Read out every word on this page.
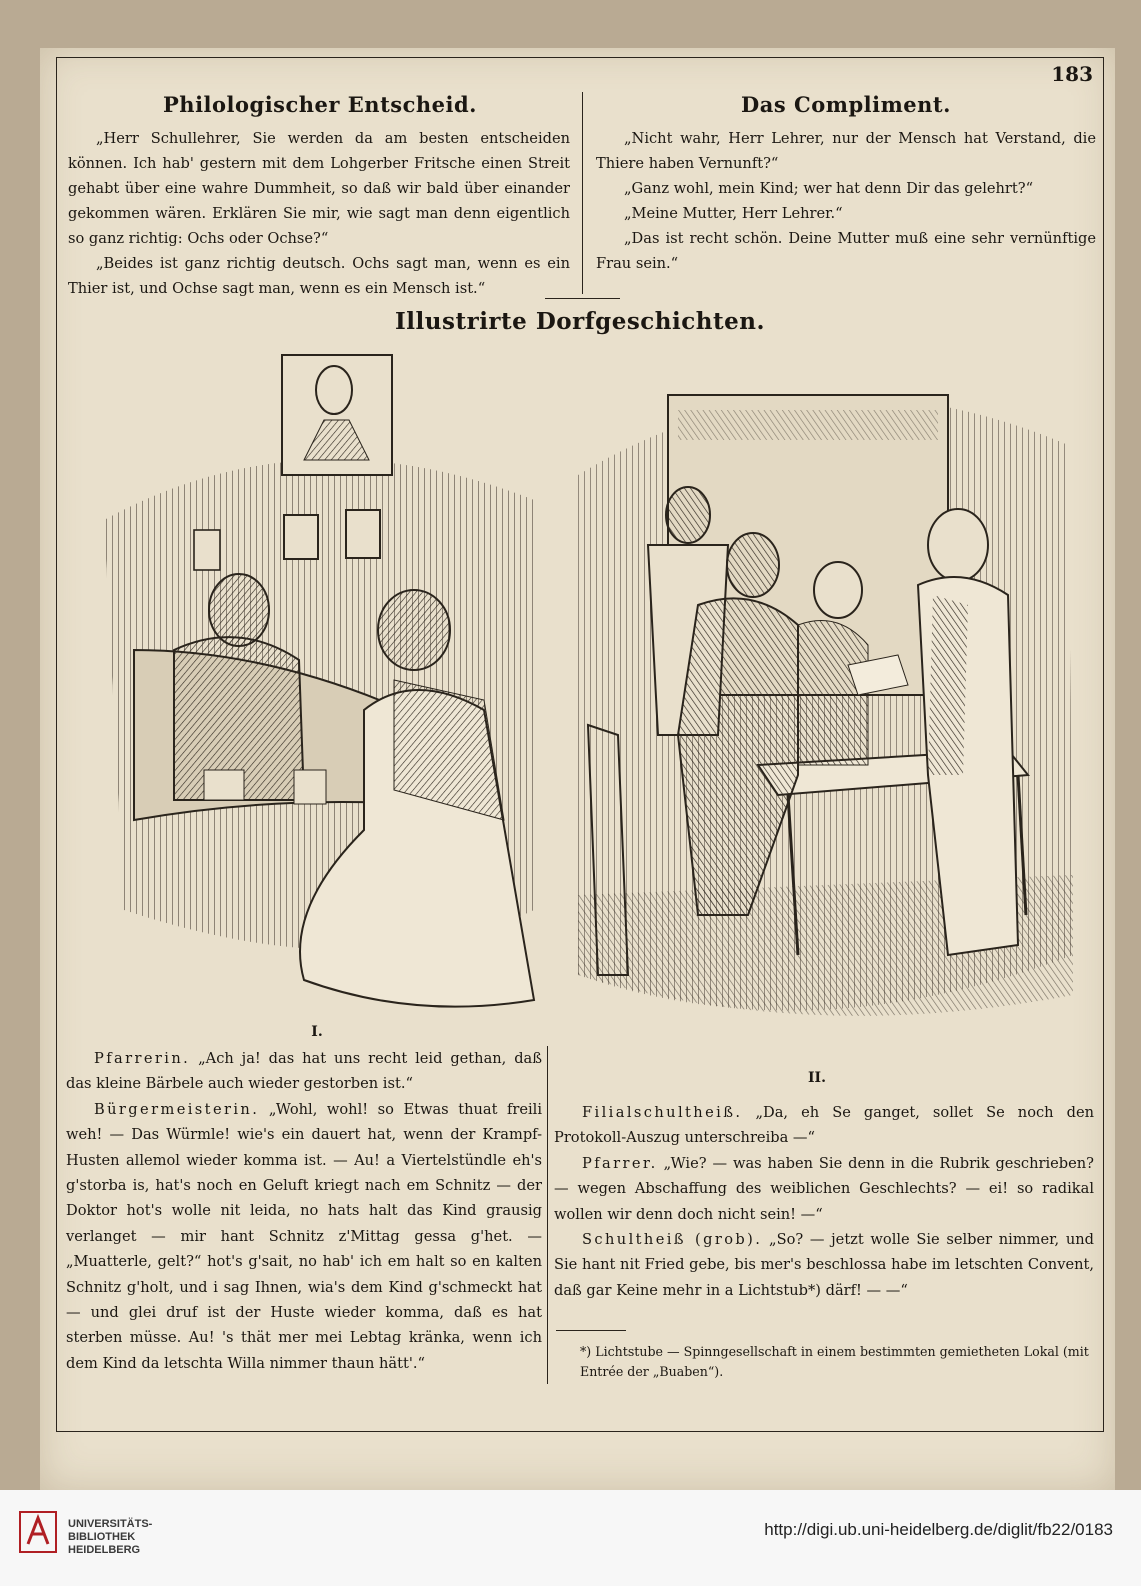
183
Philologischer Entscheid.

„Herr Schullehrer, Sie werden da am besten entscheiden können. Ich hab' gestern mit dem Lohgerber Fritsche einen Streit gehabt über eine wahre Dummheit, so daß wir bald über einander gekommen wären. Erklären Sie mir, wie sagt man denn eigentlich so ganz richtig: Ochs oder Ochse?“

„Beides ist ganz richtig deutsch. Ochs sagt man, wenn es ein Thier ist, und Ochse sagt man, wenn es ein Mensch ist.“

Das Compliment.

„Nicht wahr, Herr Lehrer, nur der Mensch hat Verstand, die Thiere haben Vernunft?“

„Ganz wohl, mein Kind; wer hat denn Dir das gelehrt?“

„Meine Mutter, Herr Lehrer.“

„Das ist recht schön. Deine Mutter muß eine sehr vernünftige Frau sein.“

Illustrirte Dorfgeschichten.
I.

Pfarrerin. „Ach ja! das hat uns recht leid gethan, daß das kleine Bärbele auch wieder gestorben ist.“

Bürgermeisterin. „Wohl, wohl! so Etwas thuat freili weh! — Das Würmle! wie's ein dauert hat, wenn der Krampf-Husten allemol wieder komma ist. — Au! a Viertelstündle eh's g'storba is, hat's noch en Geluft kriegt nach em Schnitz — der Doktor hot's wolle nit leida, no hats halt das Kind grausig verlanget — mir hant Schnitz z'Mittag gessa g'het. — „Muatterle, gelt?“ hot's g'sait, no hab' ich em halt so en kalten Schnitz g'holt, und i sag Ihnen, wia's dem Kind g'schmeckt hat — und glei druf ist der Huste wieder komma, daß es hat sterben müsse. Au! 's thät mer mei Lebtag kränka, wenn ich dem Kind da letschta Willa nimmer thaun hätt'.“

II.

Filialschultheiß. „Da, eh Se ganget, sollet Se noch den Protokoll-Auszug unterschreiba —“

Pfarrer. „Wie? — was haben Sie denn in die Rubrik geschrieben? — wegen Abschaffung des weiblichen Geschlechts? — ei! so radikal wollen wir denn doch nicht sein! —“

Schultheiß (grob). „So? — jetzt wolle Sie selber nimmer, und Sie hant nit Fried gebe, bis mer's beschlossa habe im letschten Convent, daß gar Keine mehr in a Lichtstub*) därf! — —“

*) Lichtstube — Spinngesellschaft in einem bestimmten gemietheten Lokal (mit Entrée der „Buaben“).
UNIVERSITÄTS-
BIBLIOTHEK
HEIDELBERG
http://digi.ub.uni-heidelberg.de/diglit/fb22/0183
